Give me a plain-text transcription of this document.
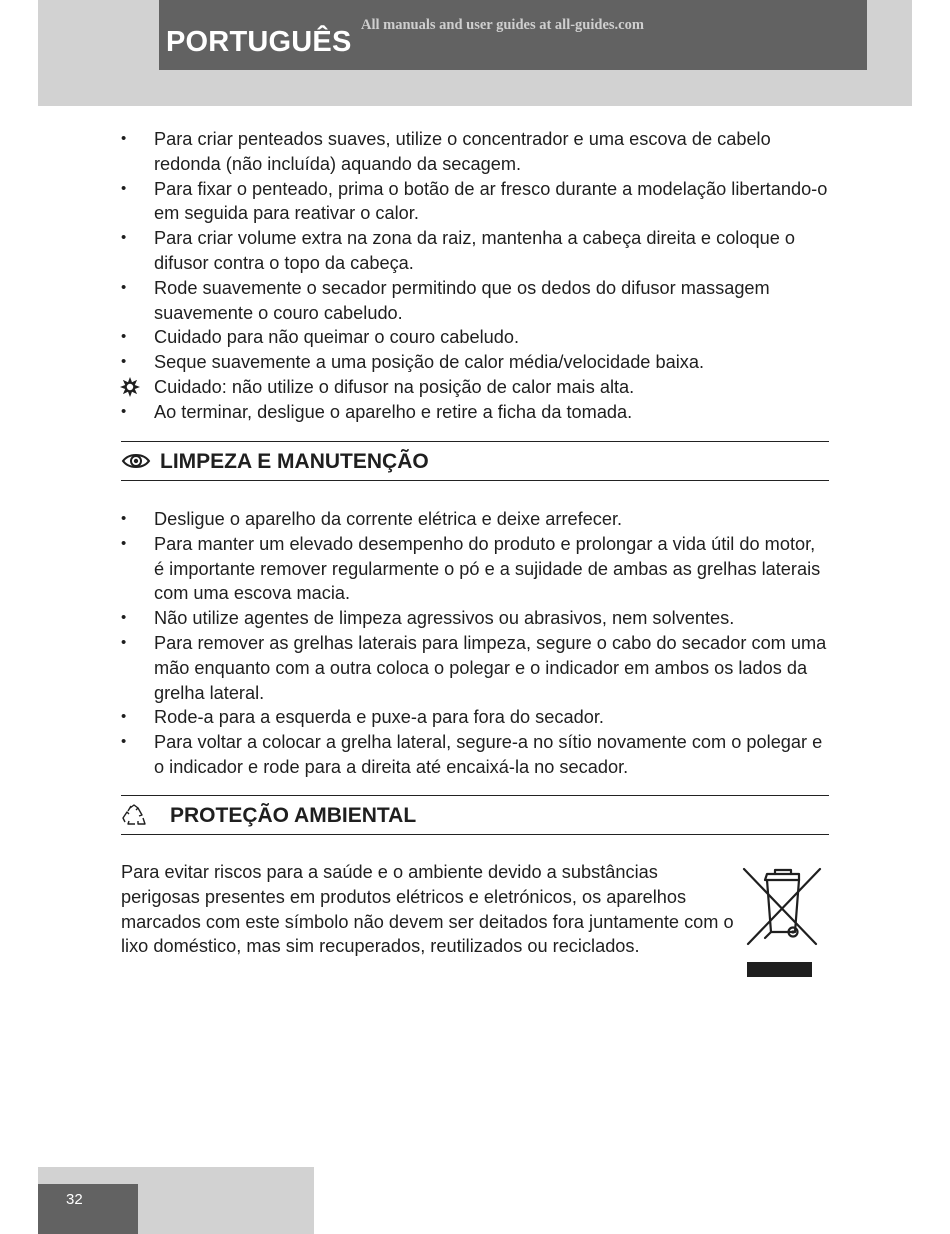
PORTUGUÊS
All manuals and user guides at all-guides.com
•	Para criar penteados suaves, utilize o concentrador e uma escova de cabelo redonda (não incluída) aquando da secagem.
•	Para fixar o penteado, prima o botão de ar fresco durante a modelação libertando-o em seguida para reativar o calor.
•	Para criar volume extra na zona da raiz, mantenha a cabeça direita e coloque o difusor contra o topo da cabeça.
•	Rode suavemente o secador permitindo que os dedos do difusor massagem suavemente o couro cabeludo.
•	Cuidado para não queimar o couro cabeludo.
•	Seque suavemente a uma posição de calor média/velocidade baixa.
Cuidado: não utilize o difusor na posição de calor mais alta.
•	Ao terminar, desligue o aparelho e retire a ficha da tomada.
LIMPEZA E MANUTENÇÃO
•	Desligue o aparelho da corrente elétrica e deixe arrefecer.
•	Para manter um elevado desempenho do produto e prolongar a vida útil do motor, é importante remover regularmente o pó e a sujidade de ambas as grelhas laterais com uma escova macia.
•	Não utilize agentes de limpeza agressivos ou abrasivos, nem solventes.
•	Para remover as grelhas laterais para limpeza, segure o cabo do secador com uma mão enquanto com a outra coloca o polegar e o indicador em ambos os lados da grelha lateral.
•	Rode-a para a esquerda e puxe-a para fora do secador.
•	Para voltar a colocar a grelha lateral, segure-a no sítio novamente com o polegar e o indicador e rode para a direita até encaixá-la no secador.
PROTEÇÃO AMBIENTAL
Para evitar riscos para a saúde e o ambiente devido a substâncias perigosas presentes em produtos elétricos e eletrónicos, os aparelhos marcados com este símbolo não devem ser deitados fora juntamente com o lixo doméstico, mas sim recuperados, reutilizados ou reciclados.
32
